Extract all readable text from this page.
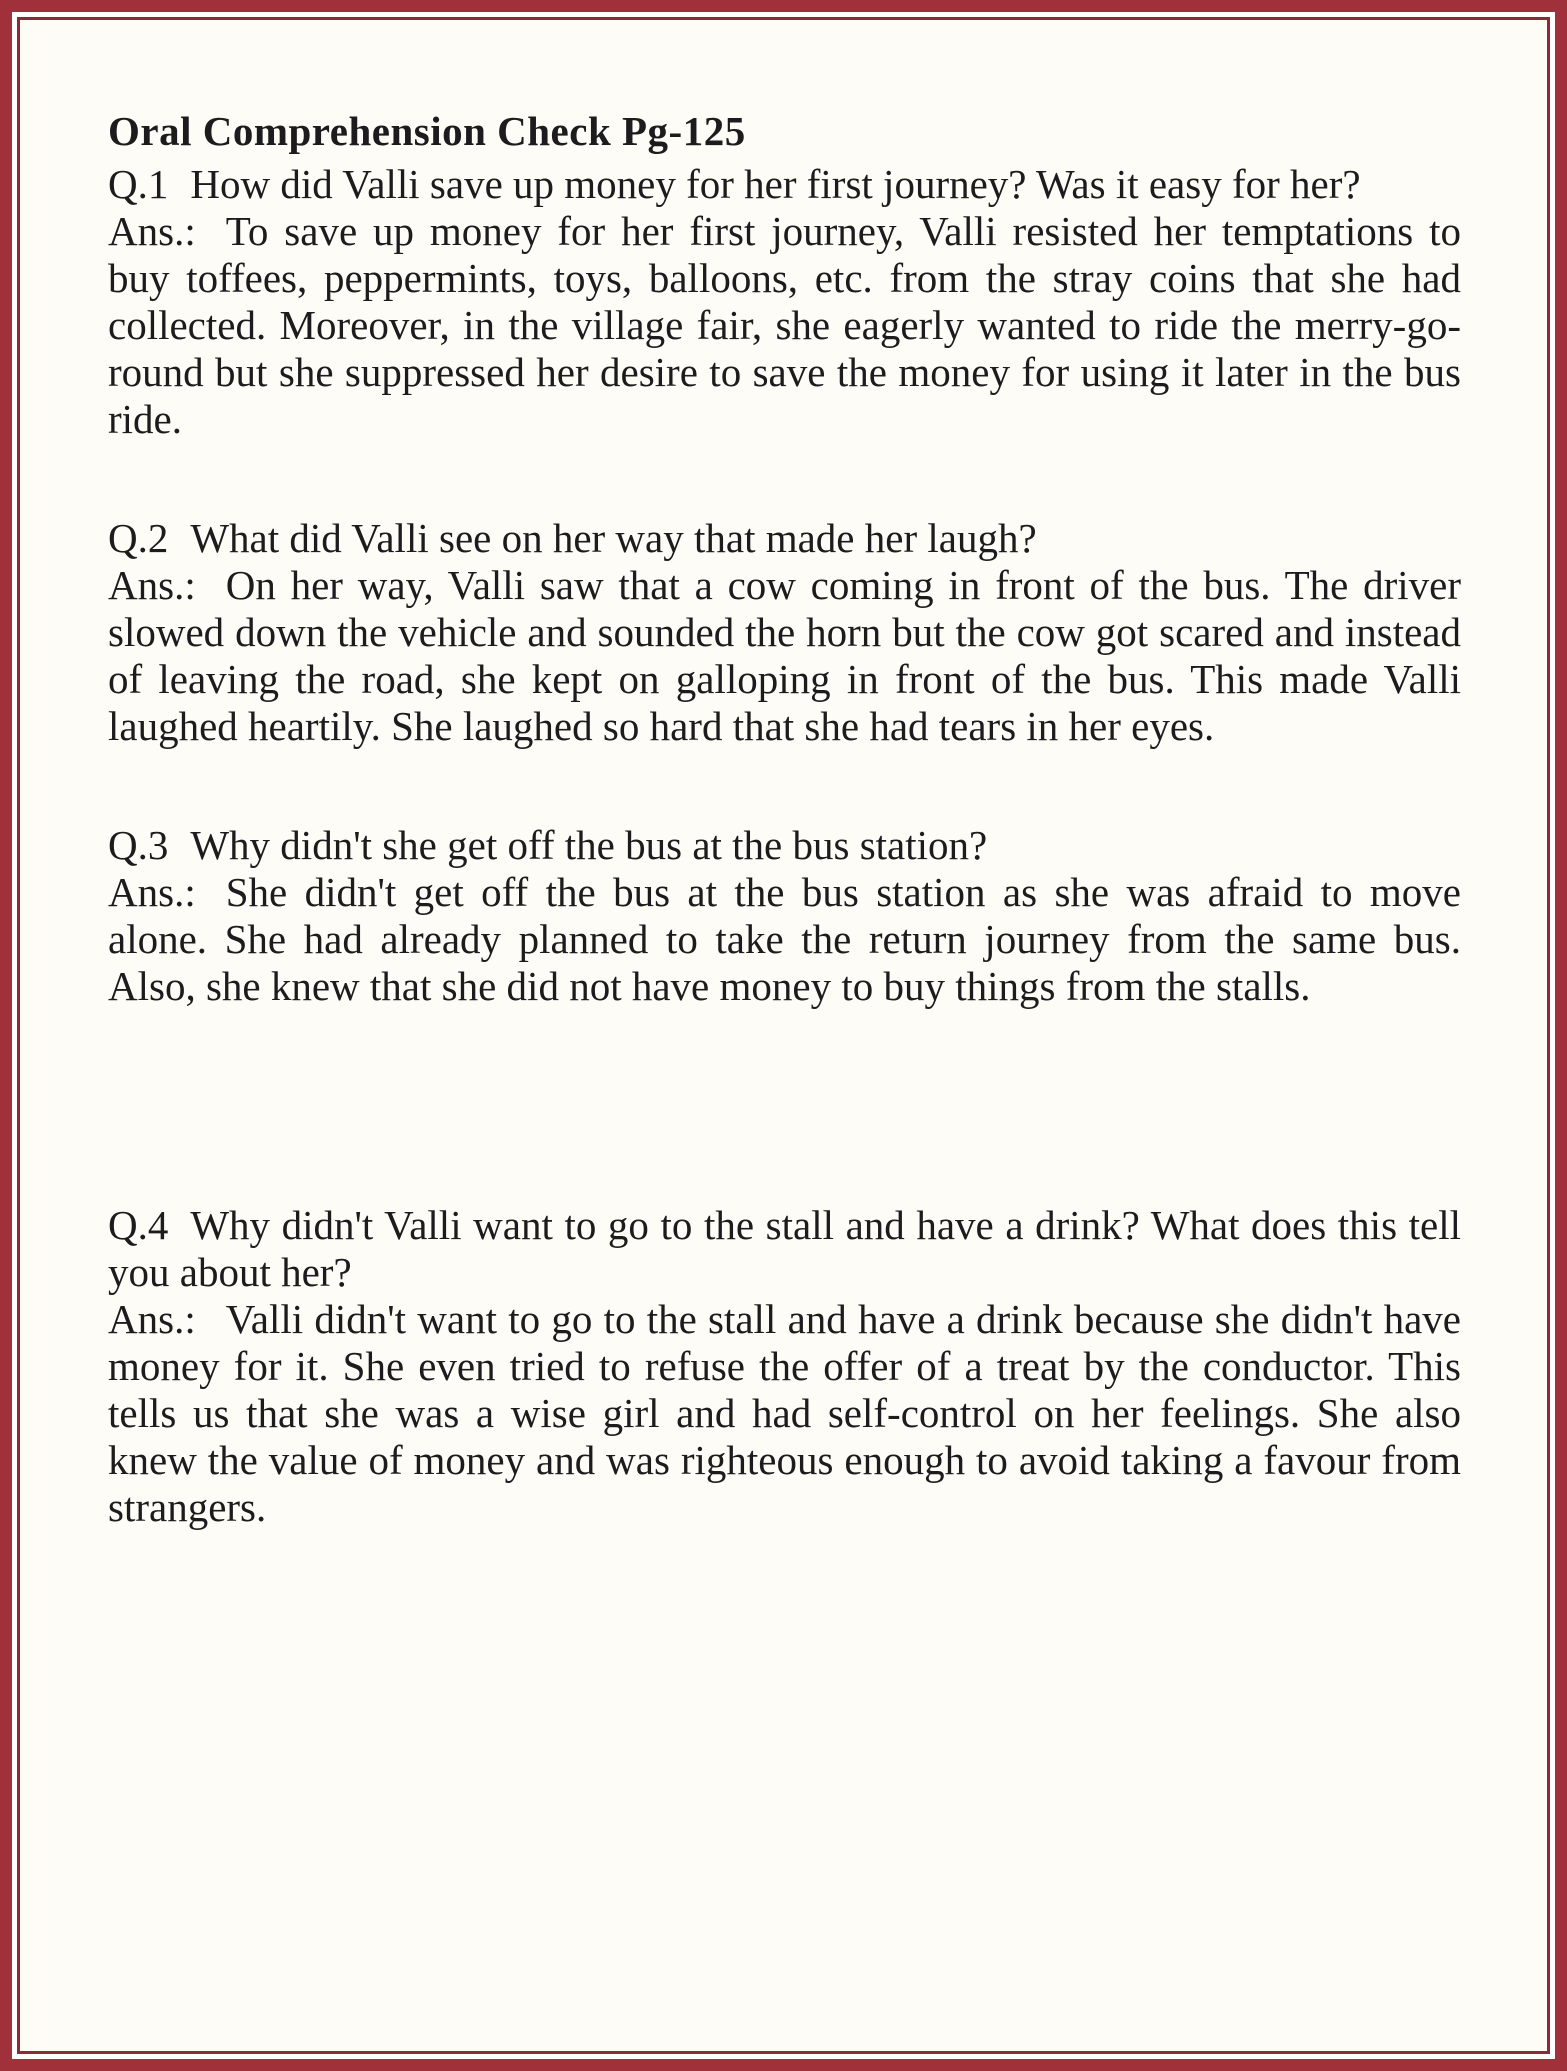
Oral Comprehension Check Pg-125

Q.1 How did Valli save up money for her first journey? Was it easy for her?

Ans.: To save up money for her first journey, Valli resisted her temptations to buy toffees, peppermints, toys, balloons, etc. from the stray coins that she had collected. Moreover, in the village fair, she eagerly wanted to ride the merry-go-round but she suppressed her desire to save the money for using it later in the bus ride.

Q.2 What did Valli see on her way that made her laugh?

Ans.: On her way, Valli saw that a cow coming in front of the bus. The driver slowed down the vehicle and sounded the horn but the cow got scared and instead of leaving the road, she kept on galloping in front of the bus. This made Valli laughed heartily. She laughed so hard that she had tears in her eyes.

Q.3 Why didn't she get off the bus at the bus station?

Ans.: She didn't get off the bus at the bus station as she was afraid to move alone. She had already planned to take the return journey from the same bus. Also, she knew that she did not have money to buy things from the stalls.

Q.4 Why didn't Valli want to go to the stall and have a drink? What does this tell you about her?

Ans.: Valli didn't want to go to the stall and have a drink because she didn't have money for it. She even tried to refuse the offer of a treat by the conductor. This tells us that she was a wise girl and had self-control on her feelings. She also knew the value of money and was righteous enough to avoid taking a favour from strangers.
